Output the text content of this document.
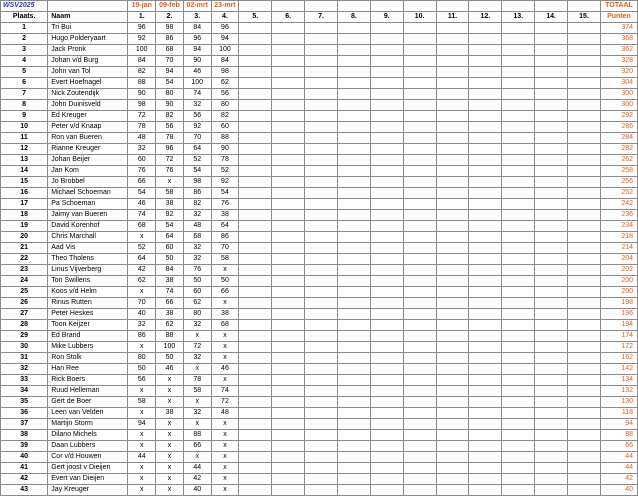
WSV2025		19-jan	09-feb	02-mrt	23-mrt												TOTAAL
Plaats.	Naam	1.	2.	3.	4.	5.	6.	7.	8.	9.	10.	11.	12.	13.	14.	15.	Punten
1	Tri Bui	96	98	84	96												374
2	Hugo Polderyaart	92	86	96	94												368
3	Jack Pronk	100	68	94	100												362
4	Johan v/d Burg	84	70	90	84												328
5	John van Tol	82	94	46	98												320
6	Evert Hoefnagel	88	54	100	62												304
7	Nick Zoutendijk	90	80	74	56												300
8	John Duinisveld	98	90	32	80												300
9	Ed Kreuger	72	82	56	82												292
10	Peter v/d Knaap	78	56	92	60												286
11	Ron van Bueren	48	78	70	88												284
12	Rianne Kreuger	32	96	64	90												282
13	Johan Beijer	60	72	52	78												262
14	Jan Kom	76	76	54	52												258
15	Jo Brobbel	66	x	98	92												256
16	Michael Schoeman	54	58	86	54												252
17	Pa Schoeman	46	38	82	76												242
18	Jaimy van Bueren	74	92	32	38												236
19	David Korenhof	68	54	48	64												234
20	Chris Marchall	x	64	68	86												218
21	Aad Vis	52	60	32	70												214
22	Theo Tholens	64	50	32	58												204
23	Linus Vijverberg	42	84	76	x												202
24	Ton Swillens	62	38	50	50												200
25	Koos v/d Helm	x	74	60	66												200
26	Rinus Rutten	70	66	62	x												198
27	Peter Heskes	40	38	80	38												196
28	Toon Keijzer	32	62	32	68												194
29	Ed Brand	86	88	x	x												174
30	Mike Lubbers	x	100	72	x												172
31	Ron Stolk	80	50	32	x												162
32	Han Ree	50	46	x	46												142
33	Rick Boers	56	x	78	x												134
34	Ruud Helleman	x	x	58	74												132
35	Gert de Boer	58	x	x	72												130
36	Leen van Velden	x	38	32	48												118
37	Martijn Storm	94	x	x	x												94
38	Dilano Michels	x	x	88	x												88
39	Daan Lubbers	x	x	66	x												66
40	Cor v/d Houwen	44	x	x	x												44
41	Gert joost v Dieijen	x	x	44	x												44
42	Evert van Dieijen	x	x	42	x												42
43	Jay Kreuger	x	x	40	x												40
